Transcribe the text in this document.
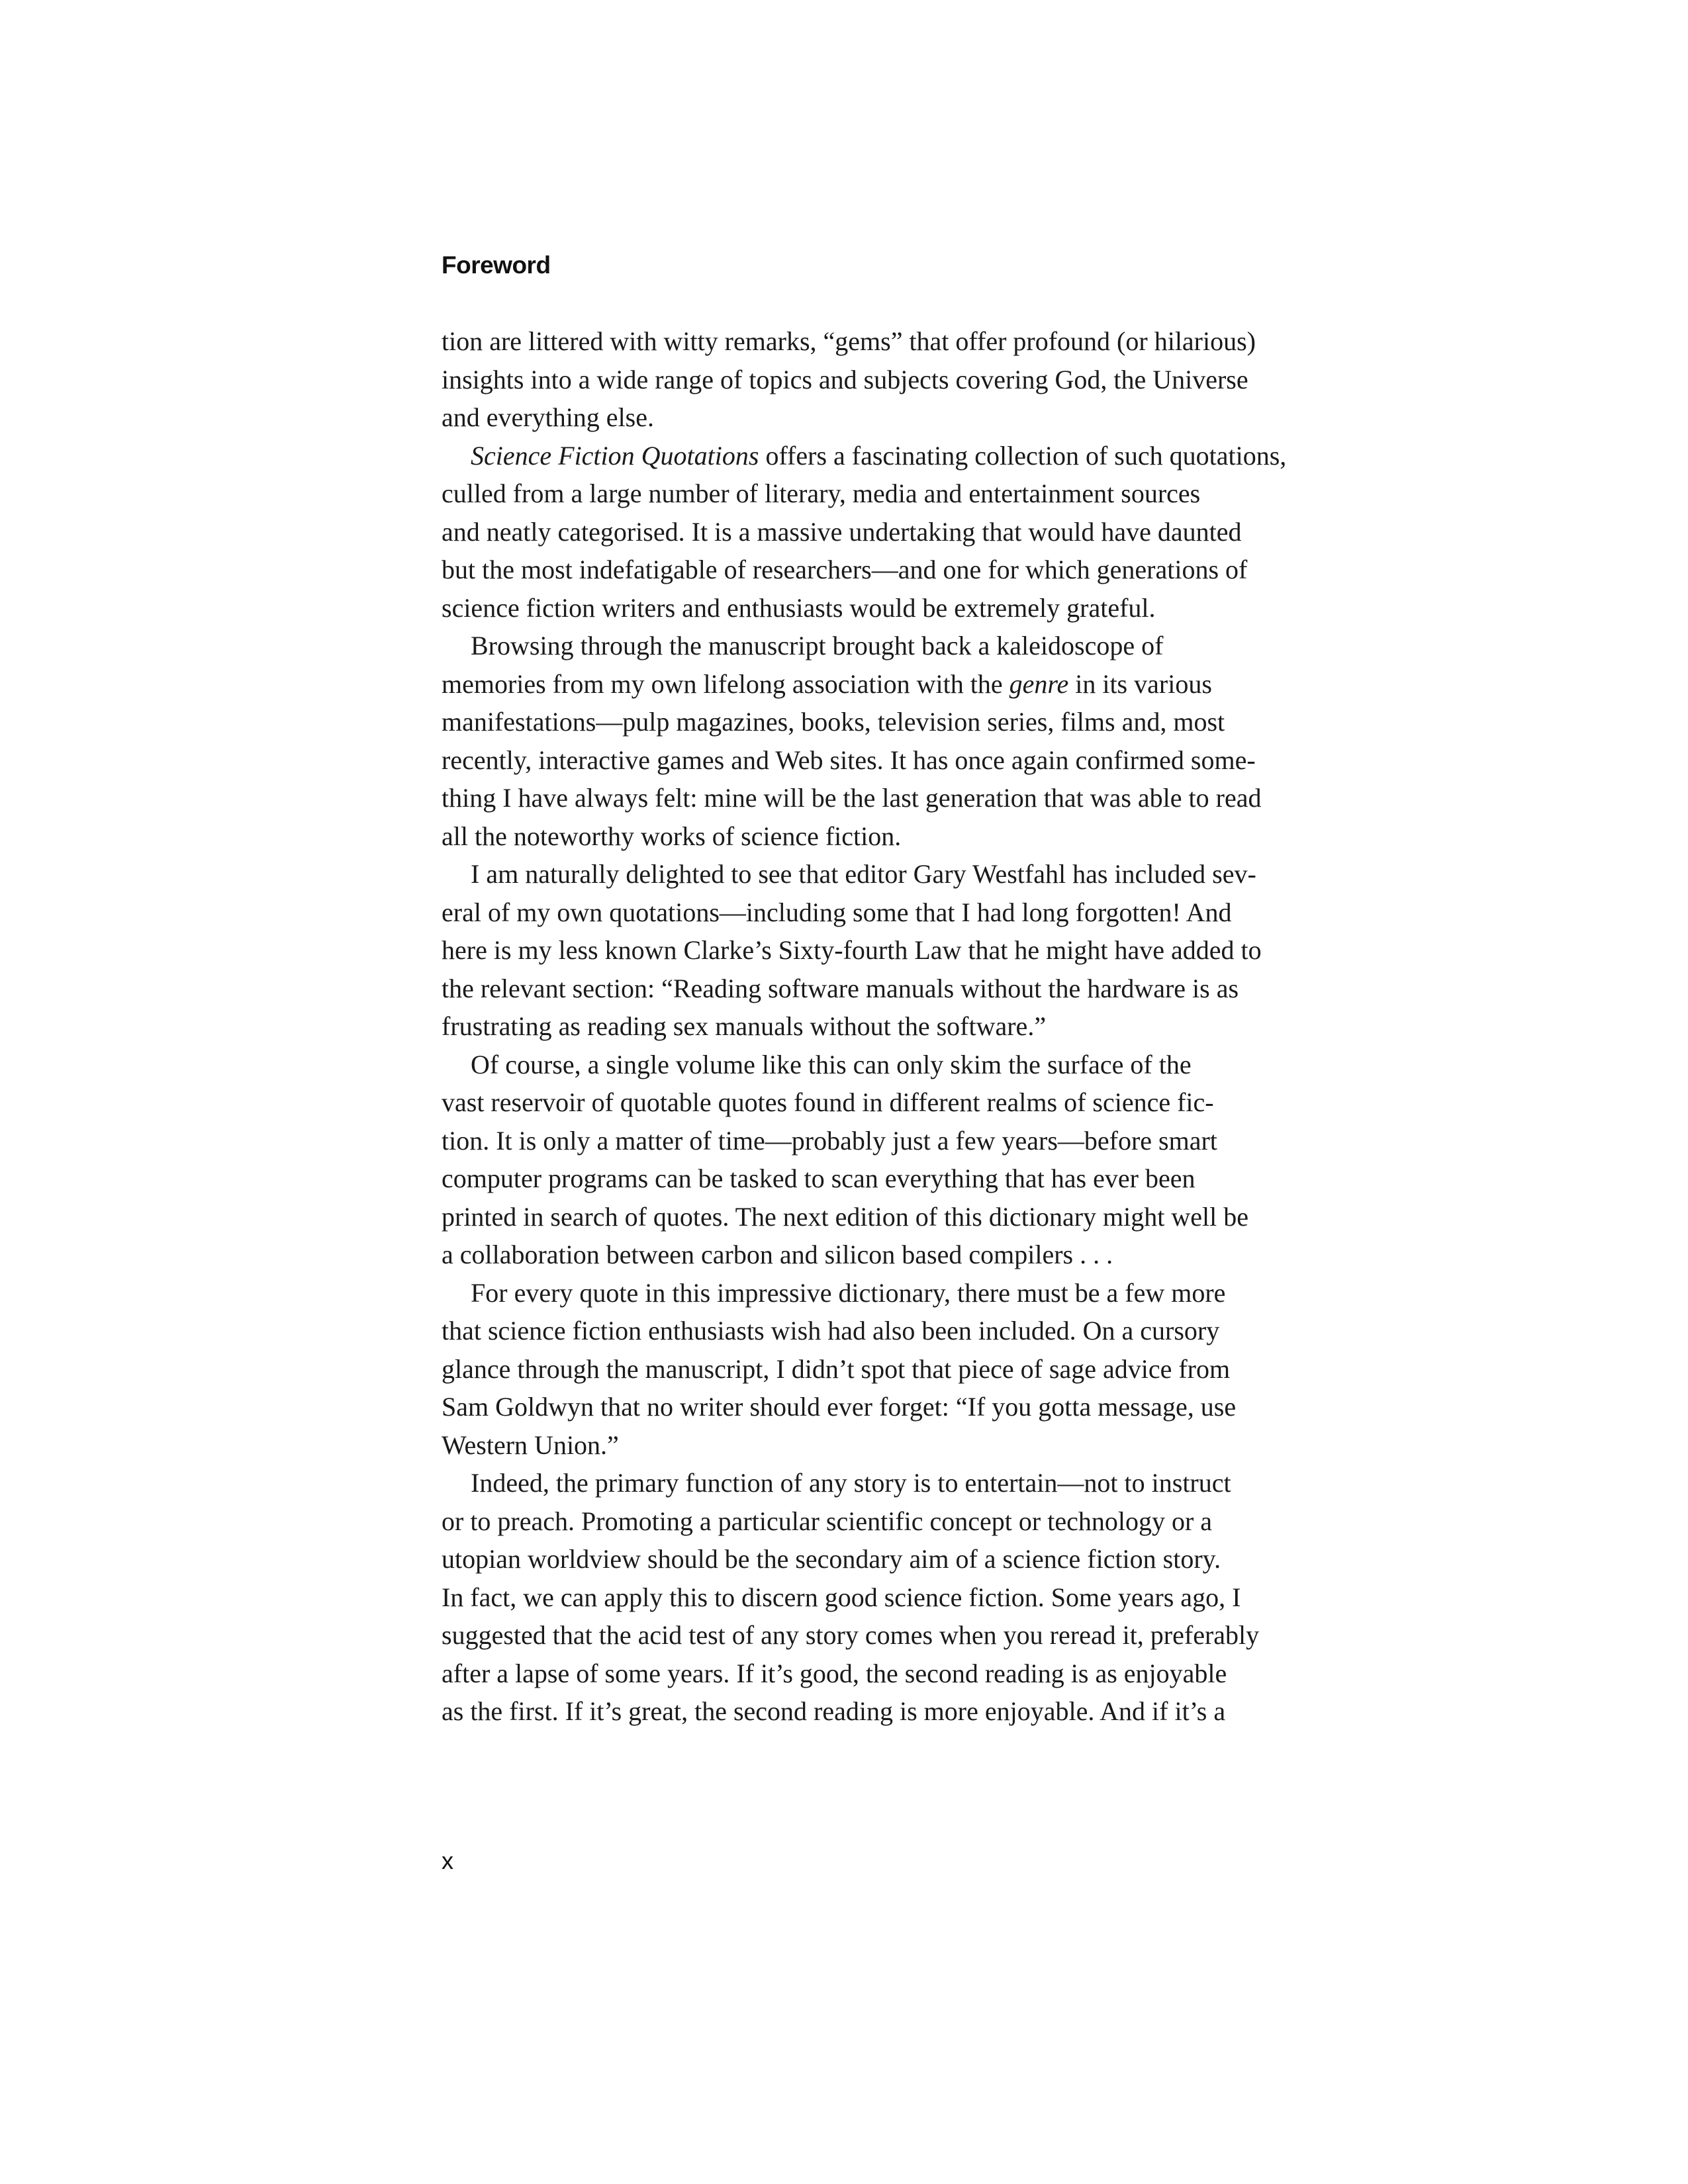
Foreword
tion are littered with witty remarks, “gems” that offer profound (or hilarious)
insights into a wide range of topics and subjects covering God, the Universe
and everything else.
Science Fiction Quotations offers a fascinating collection of such quotations,
culled from a large number of literary, media and entertainment sources
and neatly categorised. It is a massive undertaking that would have daunted
but the most indefatigable of researchers—and one for which generations of
science fiction writers and enthusiasts would be extremely grateful.
Browsing through the manuscript brought back a kaleidoscope of
memories from my own lifelong association with the genre in its various
manifestations—pulp magazines, books, television series, films and, most
recently, interactive games and Web sites. It has once again confirmed some-
thing I have always felt: mine will be the last generation that was able to read
all the noteworthy works of science fiction.
I am naturally delighted to see that editor Gary Westfahl has included sev-
eral of my own quotations—including some that I had long forgotten! And
here is my less known Clarke’s Sixty-fourth Law that he might have added to
the relevant section: “Reading software manuals without the hardware is as
frustrating as reading sex manuals without the software.”
Of course, a single volume like this can only skim the surface of the
vast reservoir of quotable quotes found in different realms of science fic-
tion. It is only a matter of time—probably just a few years—before smart
computer programs can be tasked to scan everything that has ever been
printed in search of quotes. The next edition of this dictionary might well be
a collaboration between carbon and silicon based compilers . . .
For every quote in this impressive dictionary, there must be a few more
that science fiction enthusiasts wish had also been included. On a cursory
glance through the manuscript, I didn’t spot that piece of sage advice from
Sam Goldwyn that no writer should ever forget: “If you gotta message, use
Western Union.”
Indeed, the primary function of any story is to entertain—not to instruct
or to preach. Promoting a particular scientific concept or technology or a
utopian worldview should be the secondary aim of a science fiction story.
In fact, we can apply this to discern good science fiction. Some years ago, I
suggested that the acid test of any story comes when you reread it, preferably
after a lapse of some years. If it’s good, the second reading is as enjoyable
as the first. If it’s great, the second reading is more enjoyable. And if it’s a
x
